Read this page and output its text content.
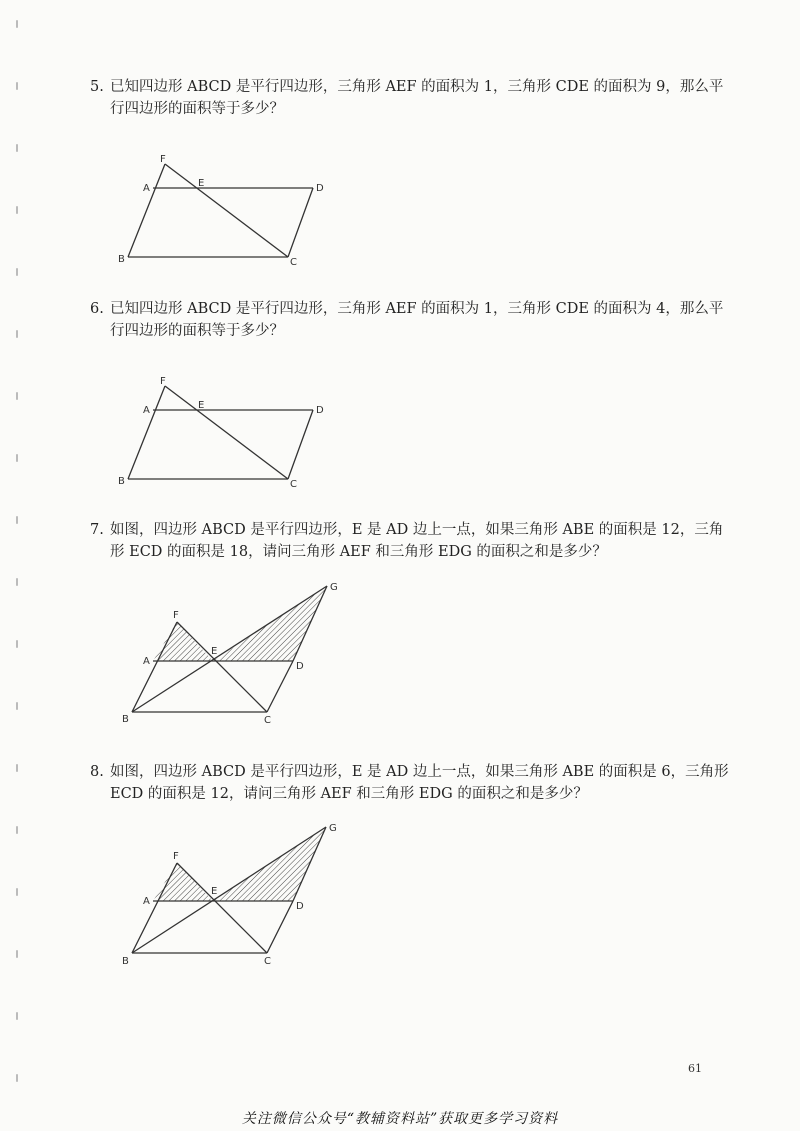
5. 已知四边形 ABCD 是平行四边形，三角形 AEF 的面积为 1，三角形 CDE 的面积为 9，那么平行四边形的面积等于多少？
F
A	E	D
B	C
6. 已知四边形 ABCD 是平行四边形，三角形 AEF 的面积为 1，三角形 CDE 的面积为 4，那么平行四边形的面积等于多少？
F
A	E	D
B	C
7. 如图，四边形 ABCD 是平行四边形，E 是 AD 边上一点，如果三角形 ABE 的面积是 12，三角形 ECD 的面积是 18，请问三角形 AEF 和三角形 EDG 的面积之和是多少？
F
G
A
E
D
B	C
8. 如图，四边形 ABCD 是平行四边形，E 是 AD 边上一点，如果三角形 ABE 的面积是 6，三角形 ECD 的面积是 12，请问三角形 AEF 和三角形 EDG 的面积之和是多少？
F
G
A
E
D
B	C
61
关注微信公众号“教辅资料站”获取更多学习资料
